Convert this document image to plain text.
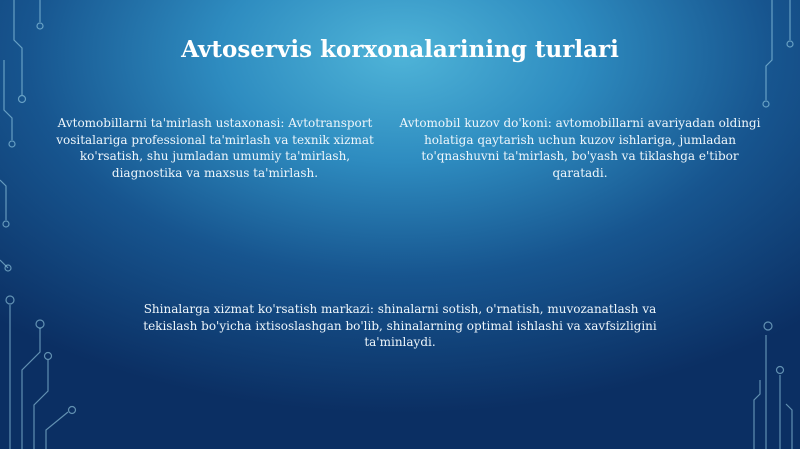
Avtoservis korxonalarining turlari

Avtomobillarni ta'mirlash ustaxonasi: Avtotransport vositalariga professional ta'mirlash va texnik xizmat ko'rsatish, shu jumladan umumiy ta'mirlash, diagnostika va maxsus ta'mirlash.

Avtomobil kuzov do'koni: avtomobillarni avariyadan oldingi holatiga qaytarish uchun kuzov ishlariga, jumladan to'qnashuvni ta'mirlash, bo'yash va tiklashga e'tibor qaratadi.

Shinalarga xizmat ko'rsatish markazi: shinalarni sotish, o'rnatish, muvozanatlash va tekislash bo'yicha ixtisoslashgan bo'lib, shinalarning optimal ishlashi va xavfsizligini ta'minlaydi.
